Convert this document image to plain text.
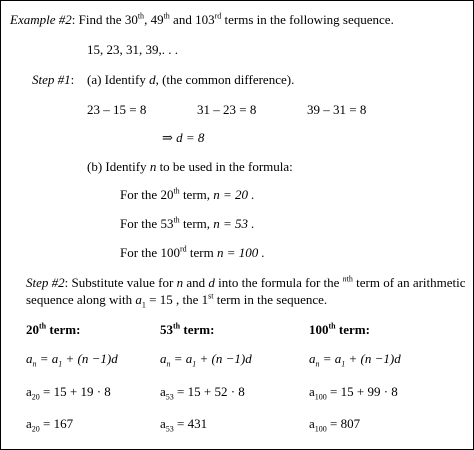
Example #2: Find the 30th, 49th and 103rd terms in the following sequence.
15, 23, 31, 39,. . .
Step #1: (a) Identify d, (the common difference).
23 – 15 = 8	31 – 23 = 8	39 – 31 = 8
⇒ d = 8
(b) Identify n to be used in the formula:
For the 20th term, n = 20 .
For the 53th term, n = 53 .
For the 100rd term n = 100 .
Step #2: Substitute value for n and d into the formula for the $^{nth}$ term of an arithmetic
sequence along with $a_1 = 15$ , the 1st term in the sequence.
20th term:	53th term:	100th term:
$a_n = a_1 + (n -1)d$	$a_n = a_1 + (n -1)d$	$a_n = a_1 + (n -1)d$
$a_{20} = 15 + 19 \cdot 8$	$a_{53} = 15 + 52 \cdot 8$	$a_{100} = 15 + 99 \cdot 8$
$a_{20} = 167$	$a_{53} = 431$	$a_{100} = 807$
